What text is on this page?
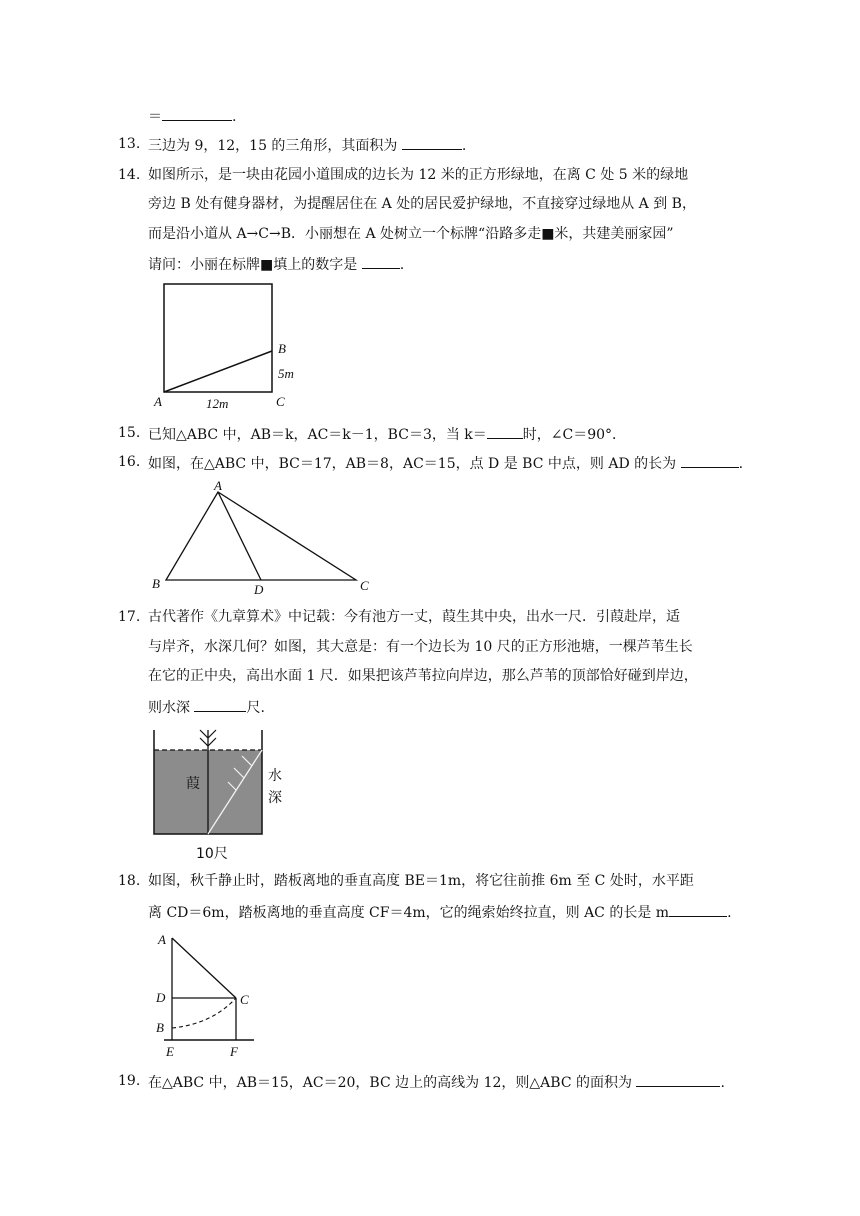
＝	.
13. 三边为 9，12，15 的三角形，其面积为	.
14. 如图所示，是一块由花园小道围成的边长为 12 米的正方形绿地，在离 C 处 5 米的绿地
旁边 B 处有健身器材，为提醒居住在 A 处的居民爱护绿地，不直接穿过绿地从 A 到 B，
而是沿小道从 A→C→B．小丽想在 A 处树立一个标牌“沿路多走■米，共建美丽家园”
请问：小丽在标牌■填上的数字是	.
A
B
C
5m
12m
15. 已知△ABC 中，AB＝k，AC＝k－1，BC＝3，当 k＝	时，∠C＝90°．
16. 如图，在△ABC 中，BC＝17，AB＝8，AC＝15，点 D 是 BC 中点，则 AD 的长为	.
A
B	C
D
17. 古代著作《九章算术》中记载：今有池方一丈，葭生其中央，出水一尺．引葭赴岸，适
与岸齐，水深几何？如图，其大意是：有一个边长为 10 尺的正方形池塘，一棵芦苇生长
在它的正中央，高出水面 1 尺．如果把该芦苇拉向岸边，那么芦苇的顶部恰好碰到岸边，
则水深	尺.
葭	水
深
10尺
18. 如图，秋千静止时，踏板离地的垂直高度 BE＝1m，将它往前推 6m 至 C 处时，水平距
离 CD＝6m，踏板离地的垂直高度 CF＝4m，它的绳索始终拉直，则 AC 的长是 m	.
A
D	C
B
E	F
19. 在△ABC 中，AB＝15，AC＝20，BC 边上的高线为 12，则△ABC 的面积为	.
